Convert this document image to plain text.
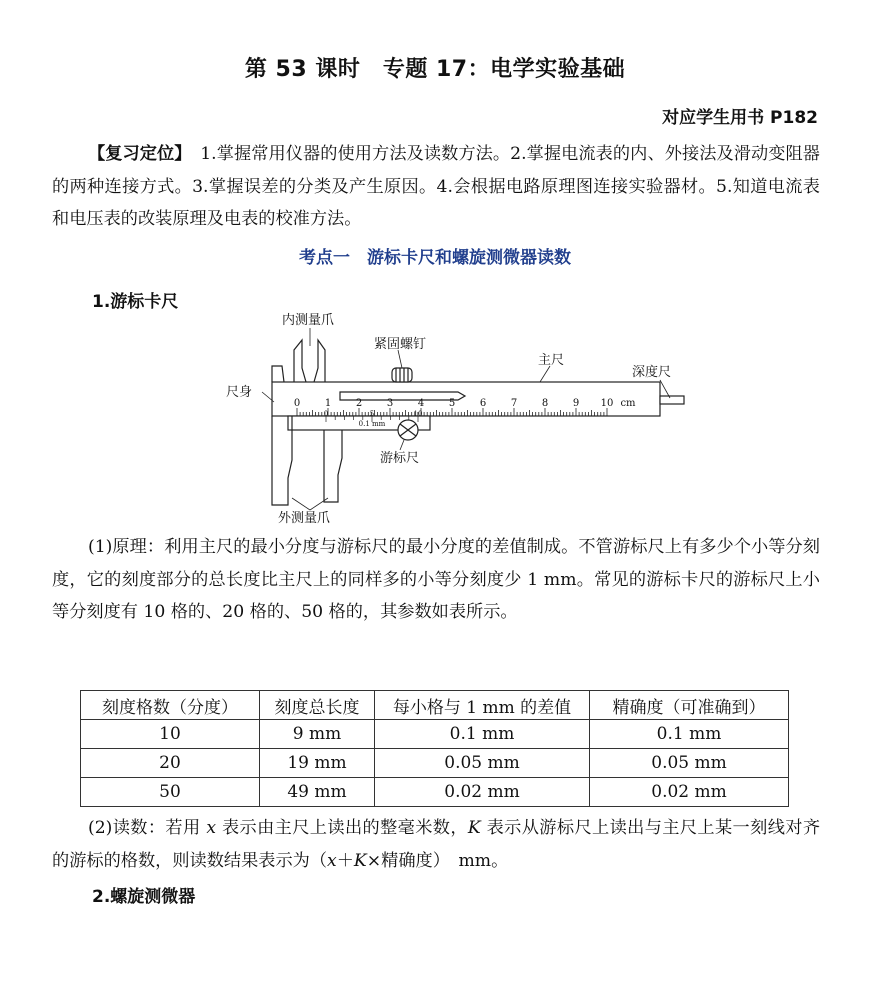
第 53 课时　专题 17：电学实验基础
对应学生用书 P182
【复习定位】　1.掌握常用仪器的使用方法及读数方法。2.掌握电流表的内、外接法及滑动变阻器的两种连接方式。3.掌握误差的分类及产生原因。4.会根据电路原理图连接实验器材。5.知道电流表和电压表的改装原理及电表的校准方法。
考点一　游标卡尺和螺旋测微器读数
1.游标卡尺
0 1 2 3 4 5 6 7 8 9 10 cm
0	5	10
0.1 mm
内测量爪
紧固螺钉
主尺
深度尺
尺身
游标尺
外测量爪
(1)原理：利用主尺的最小分度与游标尺的最小分度的差值制成。不管游标尺上有多少个小等分刻度，它的刻度部分的总长度比主尺上的同样多的小等分刻度少 1 mm。常见的游标卡尺的游标尺上小等分刻度有 10 格的、20 格的、50 格的，其参数如表所示。
刻度格数（分度）	刻度总长度	每小格与 1 mm 的差值	精确度（可准确到）
10	9 mm	0.1 mm	0.1 mm
20	19 mm	0.05 mm	0.05 mm
50	49 mm	0.02 mm	0.02 mm
(2)读数：若用 x 表示由主尺上读出的整毫米数，K 表示从游标尺上读出与主尺上某一刻线对齐的游标的格数，则读数结果表示为（x＋K×精确度）　mm。
2.螺旋测微器
